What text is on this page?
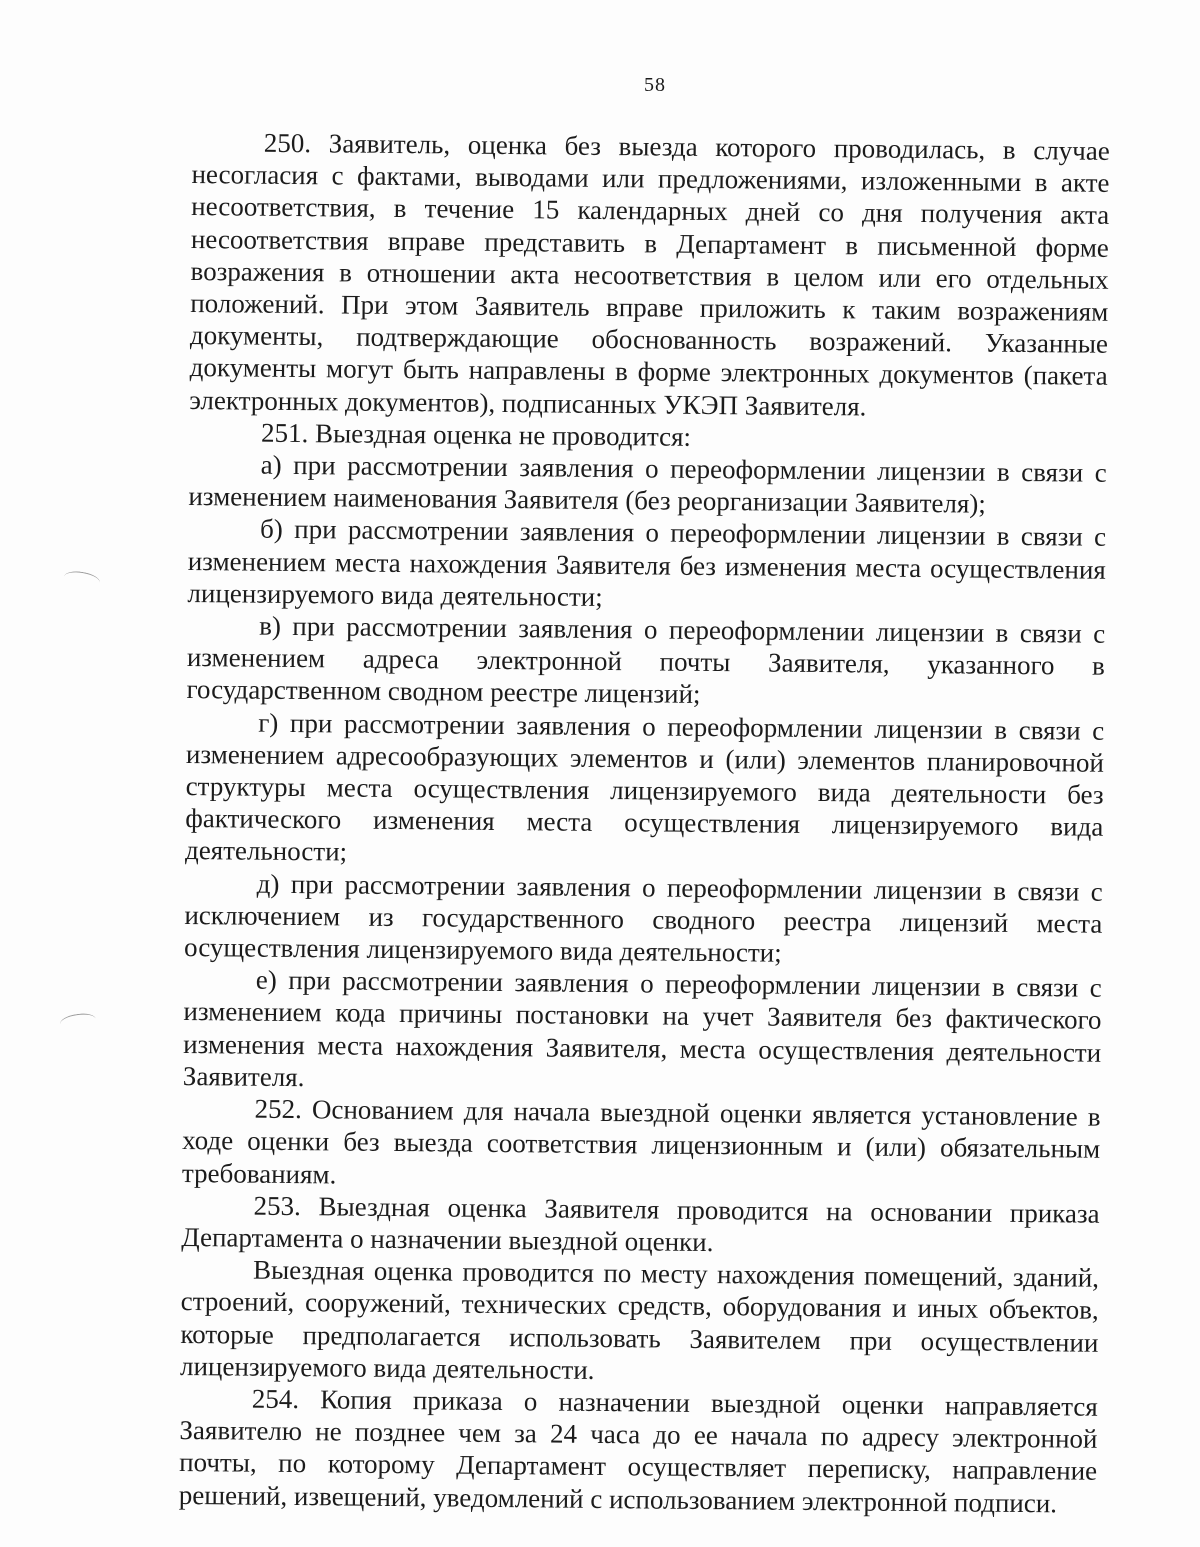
58

250. Заявитель, оценка без выезда которого проводилась, в случае несогласия с фактами, выводами или предложениями, изложенными в акте несоответствия, в течение 15 календарных дней со дня получения акта несоответствия вправе представить в Департамент в письменной форме возражения в отношении акта несоответствия в целом или его отдельных положений. При этом Заявитель вправе приложить к таким возражениям документы, подтверждающие обоснованность возражений. Указанные документы могут быть направлены в форме электронных документов (пакета электронных документов), подписанных УКЭП Заявителя.

251. Выездная оценка не проводится:

а) при рассмотрении заявления о переоформлении лицензии в связи с изменением наименования Заявителя (без реорганизации Заявителя);

б) при рассмотрении заявления о переоформлении лицензии в связи с изменением места нахождения Заявителя без изменения места осуществления лицензируемого вида деятельности;

в) при рассмотрении заявления о переоформлении лицензии в связи с изменением адреса электронной почты Заявителя, указанного в государственном сводном реестре лицензий;

г) при рассмотрении заявления о переоформлении лицензии в связи с изменением адресообразующих элементов и (или) элементов планировочной структуры места осуществления лицензируемого вида деятельности без фактического изменения места осуществления лицензируемого вида деятельности;

д) при рассмотрении заявления о переоформлении лицензии в связи с исключением из государственного сводного реестра лицензий места осуществления лицензируемого вида деятельности;

е) при рассмотрении заявления о переоформлении лицензии в связи с изменением кода причины постановки на учет Заявителя без фактического изменения места нахождения Заявителя, места осуществления деятельности Заявителя.

252. Основанием для начала выездной оценки является установление в ходе оценки без выезда соответствия лицензионным и (или) обязательным требованиям.

253. Выездная оценка Заявителя проводится на основании приказа Департамента о назначении выездной оценки.

Выездная оценка проводится по месту нахождения помещений, зданий, строений, сооружений, технических средств, оборудования и иных объектов, которые предполагается использовать Заявителем при осуществлении лицензируемого вида деятельности.

254. Копия приказа о назначении выездной оценки направляется Заявителю не позднее чем за 24 часа до ее начала по адресу электронной почты, по которому Департамент осуществляет переписку, направление решений, извещений, уведомлений с использованием электронной подписи.
